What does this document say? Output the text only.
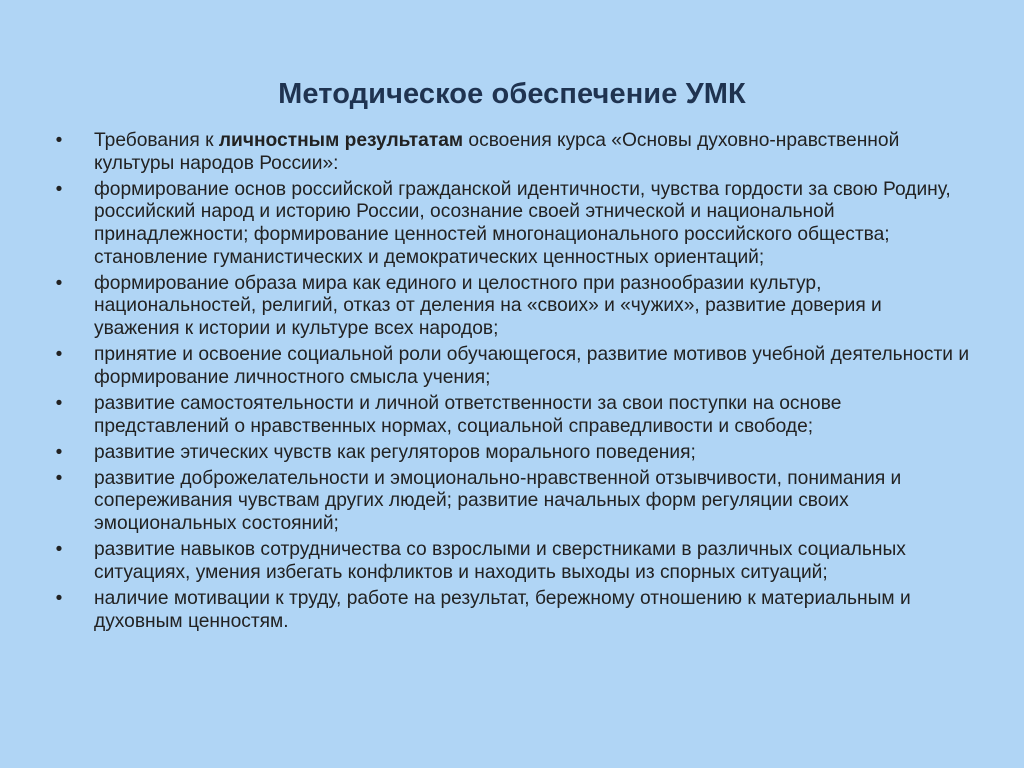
Методическое обеспечение УМК
• Требования к личностным результатам освоения курса «Основы духовно-нравственной культуры народов России»:
• формирование основ российской гражданской идентичности, чувства гордости за свою Родину, российский народ и историю России, осознание своей этнической и национальной принадлежности; формирование ценностей многонационального российского общества; становление гуманистических и демократических ценностных ориентаций;
• формирование образа мира как единого и целостного при разнообразии культур, национальностей, религий, отказ от деления на «своих» и «чужих», развитие доверия и уважения к истории и культуре всех народов;
• принятие и освоение социальной роли обучающегося, развитие мотивов учебной деятельности и формирование личностного смысла учения;
• развитие самостоятельности и личной ответственности за свои поступки на основе представлений о нравственных нормах, социальной справедливости и свободе;
• развитие этических чувств как регуляторов морального поведения;
• развитие доброжелательности и эмоционально-нравственной отзывчивости, понимания и сопереживания чувствам других людей; развитие начальных форм регуляции своих эмоциональных состояний;
• развитие навыков сотрудничества со взрослыми и сверстниками в различных социальных ситуациях, умения избегать конфликтов и находить выходы из спорных ситуаций;
• наличие мотивации к труду, работе на результат, бережному отношению к материальным и духовным ценностям.
